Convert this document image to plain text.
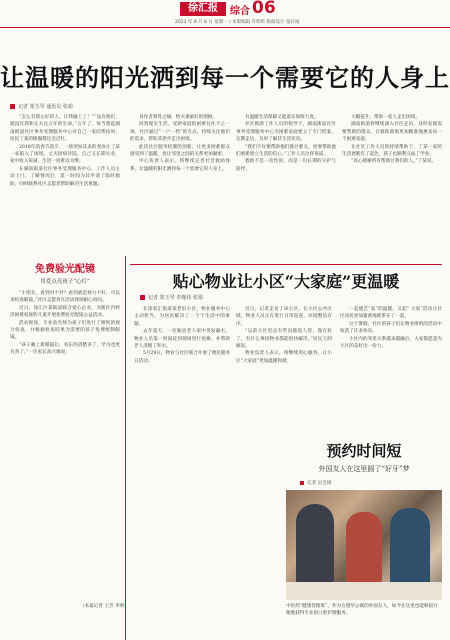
徐汇报	综合 06
2023 年 8 月 8 日 星期一 / 本版编辑 许明昕 版面设计 张轩诚
让温暖的阳光洒到每一个需要它的人身上
记者 郑玉琴 通讯员 张娟

“怎么有那么好的人，让我碰上了！”“没有他们，就没有我和丈夫这五年的生命。”五年了，每当想起湖南街道社区事务受理服务中心对自己一家的帮扶时，居民丁某的眼圈都还会泛红。

2018年的春节前夕，一场突如其来的变故让丁某一家陷入了困境。丈夫因病住院，自己又长期失业，家中收入锐减，生活一度难以为继。

在湖南街道社区事务受理服务中心，工作人员主动上门，了解情况后，第一时间为其申请了临时救助，同时联系社区志愿者帮助解决生活难题。

身作者刻骨之痛，给夫妻最好的照顾。

回到现实生活，受助家庭的困难往往不止一项。社区通过“一户一档”的方式，持续关注他们的需求，帮助其逐步走出困境。

此次社区服务机制的创新，让更多困难群众感受到了温暖，也让邻里之间的关系更加紧密。

中心负责人表示，将继续完善社会救助体系，让温暖的阳光洒到每一个需要它的人身上。

有温暖生活保障又能落实保障力度。

社区救助工作人员的指导下，湖南街道社区事务受理服务中心为困难家庭建立了专门档案，定期走访，及时了解其生活状况。

“我们不仅要帮助他们渡过难关，更要帮助他们重新建立生活的信心。”工作人员这样说道。

救助不是一次性的，而是一份长期的守护与陪伴。

大幅提升，帮助一家人走出困境。

湖南街道将继续深入社区走访，及时发现需要帮助的群众，让救助政策更加精准地惠及每一个困难家庭。

在社区工作人员的持续帮助下，丁某一家的生活逐渐有了起色，孩子也顺利完成了学业。

“真心感谢所有帮助过我们的人。”丁某说。

免费验光配镜
用爱点亮孩子“心灯”

“小朋友，看到对不对？看到就是视力不好，可以来检查眼镜。”社区志愿者在活动现场耐心询问。

近日，徐汇区某街道联合爱心企业，为辖区内经济困难家庭的儿童开展免费验光配镜公益活动。

活动现场，专业验光师为孩子们进行了细致的视力检查，并根据检查结果为需要的孩子免费配制眼镜。

“孩子戴上新眼镜后，看东西清楚多了，学习也更有劲了。”一位家长高兴地说。

（本报记者 王芳 李明）
贴心物业让小区“大家庭”更温暖
记者 郑玉琴 李瑾玮 张娟

在徐家汇街道某老旧小区，物业服务中心主动担当，为居民解决了一个个生活中的难题。

去年夏天，一位独居老人家中突发漏水，物业人员第一时间赶到现场进行抢修，并帮助老人清理了积水。

5月29日，物业与社区联合开展了便民服务日活动。

近日，记者走访了该小区。在小区公共区域，物业人员正在进行日常巡查，环境整洁有序。

“以前小区里总有些问题没人管，现在好了，有什么事找物业都能很快解决。”居民王阿姨说。

物业负责人表示，将继续用心服务，让小区“大家庭”更加温暖和谐。

一起德艺“家”的温暖。义起“ 大家”活动让社区居民更加紧密地联系在了一起。

这个暑假，社区的孩子们在物业组织的活动中收获了许多快乐。

小区内的邻里关系越来越融洽，大家都愿意为小区的美好出一份力。

预约时间短
外国友人在这里圆了“好牙”梦
记者 吴会锦
中医药“健康管理班”。作为在德华公寓的外国友人，如今在这里也能够很方便地获得专业的口腔护理服务。
